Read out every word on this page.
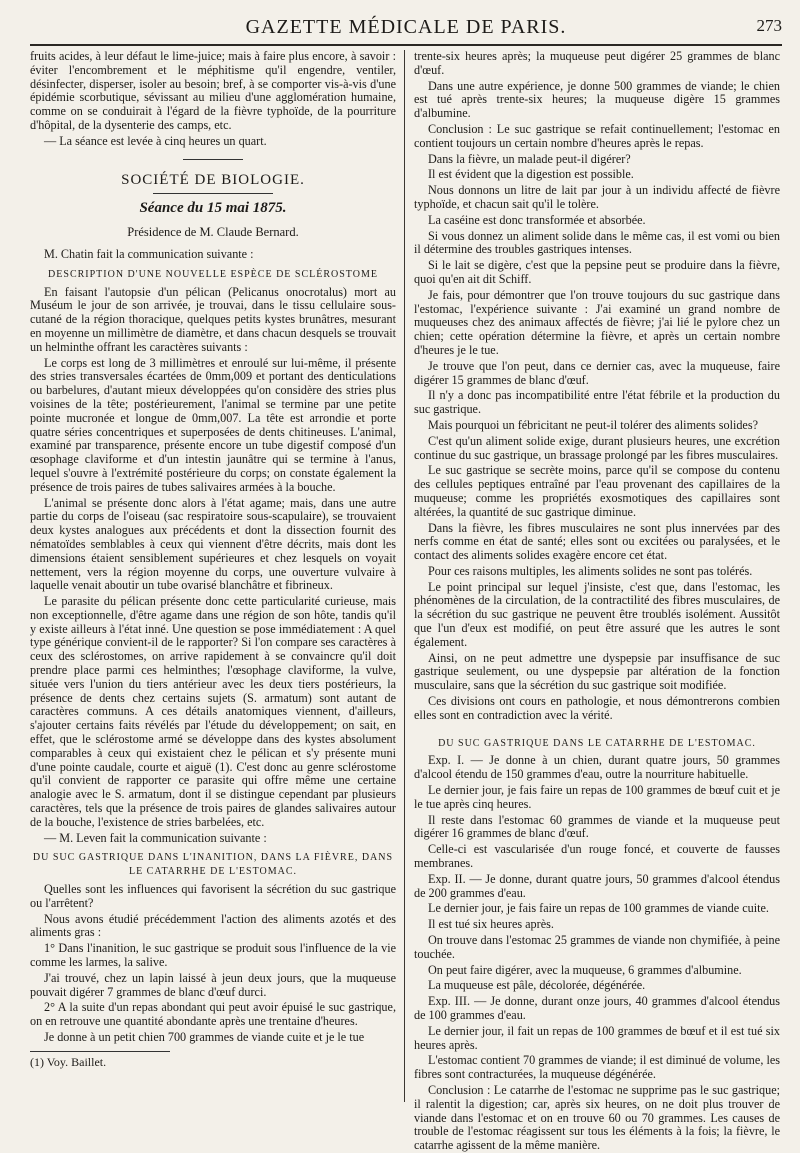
GAZETTE MÉDICALE DE PARIS.	273

fruits acides, à leur défaut le lime-juice; mais à faire plus encore, à savoir : éviter l'encombrement et le méphitisme qu'il engendre, ventiler, désinfecter, disperser, isoler au besoin; bref, à se comporter vis-à-vis d'une épidémie scorbutique, sévissant au milieu d'une agglomération humaine, comme on se conduirait à l'égard de la fièvre typhoïde, de la pourriture d'hôpital, de la dysenterie des camps, etc.

— La séance est levée à cinq heures un quart.

SOCIÉTÉ DE BIOLOGIE.
Séance du 15 mai 1875.
Présidence de M. Claude Bernard.

M. Chatin fait la communication suivante :

DESCRIPTION D'UNE NOUVELLE ESPÈCE DE SCLÉROSTOME

En faisant l'autopsie d'un pélican (Pelicanus onocrotalus) mort au Muséum le jour de son arrivée, je trouvai, dans le tissu cellulaire sous-cutané de la région thoracique, quelques petits kystes brunâtres, mesurant en moyenne un millimètre de diamètre, et dans chacun desquels se trouvait un helminthe offrant les caractères suivants :

Le corps est long de 3 millimètres et enroulé sur lui-même, il présente des stries transversales écartées de 0mm,009 et portant des denticulations ou barbelures, d'autant mieux développées qu'on considère des stries plus voisines de la tête; postérieurement, l'animal se termine par une petite pointe mucronée et longue de 0mm,007. La tête est arrondie et porte quatre séries concentriques et superposées de dents chitineuses. L'animal, examiné par transparence, présente encore un tube digestif composé d'un œsophage claviforme et d'un intestin jaunâtre qui se termine à l'anus, lequel s'ouvre à l'extrémité postérieure du corps; on constate également la présence de trois paires de tubes salivaires armées à la bouche.

L'animal se présente donc alors à l'état agame; mais, dans une autre partie du corps de l'oiseau (sac respiratoire sous-scapulaire), se trouvaient deux kystes analogues aux précédents et dont la dissection fournit des nématoïdes semblables à ceux qui viennent d'être décrits, mais dont les dimensions étaient sensiblement supérieures et chez lesquels on voyait nettement, vers la région moyenne du corps, une ouverture vulvaire à laquelle venait aboutir un tube ovarisé blanchâtre et fibrineux.

Le parasite du pélican présente donc cette particularité curieuse, mais non exceptionnelle, d'être agame dans une région de son hôte, tandis qu'il y existe ailleurs à l'état inné. Une question se pose immédiatement : A quel type générique convient-il de le rapporter? Si l'on compare ses caractères à ceux des sclérostomes, on arrive rapidement à se convaincre qu'il doit prendre place parmi ces helminthes; l'œsophage claviforme, la vulve, située vers l'union du tiers antérieur avec les deux tiers postérieurs, la présence de dents chez certains sujets (S. armatum) sont autant de caractères communs. A ces détails anatomiques viennent, d'ailleurs, s'ajouter certains faits révélés par l'étude du développement; on sait, en effet, que le sclérostome armé se développe dans des kystes absolument comparables à ceux qui existaient chez le pélican et s'y présente muni d'une pointe caudale, courte et aiguë (1). C'est donc au genre sclérostome qu'il convient de rapporter ce parasite qui offre même une certaine analogie avec le S. armatum, dont il se distingue cependant par plusieurs caractères, tels que la présence de trois paires de glandes salivaires autour de la bouche, l'existence de stries barbelées, etc.

— M. Leven fait la communication suivante :

DU SUC GASTRIQUE DANS L'INANITION, DANS LA FIÈVRE, DANS LE CATARRHE DE L'ESTOMAC.

Quelles sont les influences qui favorisent la sécrétion du suc gastrique ou l'arrêtent?

Nous avons étudié précédemment l'action des aliments azotés et des aliments gras :

1° Dans l'inanition, le suc gastrique se produit sous l'influence de la vie comme les larmes, la salive.

J'ai trouvé, chez un lapin laissé à jeun deux jours, que la muqueuse pouvait digérer 7 grammes de blanc d'œuf durci.

2° A la suite d'un repas abondant qui peut avoir épuisé le suc gastrique, on en retrouve une quantité abondante après une trentaine d'heures.

Je donne à un petit chien 700 grammes de viande cuite et je le tue

(1) Voy. Baillet.

trente-six heures après; la muqueuse peut digérer 25 grammes de blanc d'œuf.

Dans une autre expérience, je donne 500 grammes de viande; le chien est tué après trente-six heures; la muqueuse digère 15 grammes d'albumine.

Conclusion : Le suc gastrique se refait continuellement; l'estomac en contient toujours un certain nombre d'heures après le repas.

Dans la fièvre, un malade peut-il digérer?

Il est évident que la digestion est possible.

Nous donnons un litre de lait par jour à un individu affecté de fièvre typhoïde, et chacun sait qu'il le tolère.

La caséine est donc transformée et absorbée.

Si vous donnez un aliment solide dans le même cas, il est vomi ou bien il détermine des troubles gastriques intenses.

Si le lait se digère, c'est que la pepsine peut se produire dans la fièvre, quoi qu'en ait dit Schiff.

Je fais, pour démontrer que l'on trouve toujours du suc gastrique dans l'estomac, l'expérience suivante : J'ai examiné un grand nombre de muqueuses chez des animaux affectés de fièvre; j'ai lié le pylore chez un chien; cette opération détermine la fièvre, et après un certain nombre d'heures je le tue.

Je trouve que l'on peut, dans ce dernier cas, avec la muqueuse, faire digérer 15 grammes de blanc d'œuf.

Il n'y a donc pas incompatibilité entre l'état fébrile et la production du suc gastrique.

Mais pourquoi un fébricitant ne peut-il tolérer des aliments solides?

C'est qu'un aliment solide exige, durant plusieurs heures, une excrétion continue du suc gastrique, un brassage prolongé par les fibres musculaires.

Le suc gastrique se secrète moins, parce qu'il se compose du contenu des cellules peptiques entraîné par l'eau provenant des capillaires de la muqueuse; comme les propriétés exosmotiques des capillaires sont altérées, la quantité de suc gastrique diminue.

Dans la fièvre, les fibres musculaires ne sont plus innervées par des nerfs comme en état de santé; elles sont ou excitées ou paralysées, et le contact des aliments solides exagère encore cet état.

Pour ces raisons multiples, les aliments solides ne sont pas tolérés.

Le point principal sur lequel j'insiste, c'est que, dans l'estomac, les phénomènes de la circulation, de la contractilité des fibres musculaires, de la sécrétion du suc gastrique ne peuvent être troublés isolément. Aussitôt que l'un d'eux est modifié, on peut être assuré que les autres le sont également.

Ainsi, on ne peut admettre une dyspepsie par insuffisance de suc gastrique seulement, ou une dyspepsie par altération de la fonction musculaire, sans que la sécrétion du suc gastrique soit modifiée.

Ces divisions ont cours en pathologie, et nous démontrerons combien elles sont en contradiction avec la vérité.

DU SUC GASTRIQUE DANS LE CATARRHE DE L'ESTOMAC.

Exp. I. — Je donne à un chien, durant quatre jours, 50 grammes d'alcool étendu de 150 grammes d'eau, outre la nourriture habituelle.

Le dernier jour, je fais faire un repas de 100 grammes de bœuf cuit et je le tue après cinq heures.

Il reste dans l'estomac 60 grammes de viande et la muqueuse peut digérer 16 grammes de blanc d'œuf.

Celle-ci est vascularisée d'un rouge foncé, et couverte de fausses membranes.

Exp. II. — Je donne, durant quatre jours, 50 grammes d'alcool étendus de 200 grammes d'eau.

Le dernier jour, je fais faire un repas de 100 grammes de viande cuite.

Il est tué six heures après.

On trouve dans l'estomac 25 grammes de viande non chymifiée, à peine touchée.

On peut faire digérer, avec la muqueuse, 6 grammes d'albumine.

La muqueuse est pâle, décolorée, dégénérée.

Exp. III. — Je donne, durant onze jours, 40 grammes d'alcool étendus de 100 grammes d'eau.

Le dernier jour, il fait un repas de 100 grammes de bœuf et il est tué six heures après.

L'estomac contient 70 grammes de viande; il est diminué de volume, les fibres sont contracturées, la muqueuse dégénérée.

Conclusion : Le catarrhe de l'estomac ne supprime pas le suc gastrique; il ralentit la digestion; car, après six heures, on ne doit plus trouver de viande dans l'estomac et on en trouve 60 ou 70 grammes. Les causes de trouble de l'estomac réagissent sur tous les éléments à la fois; la fièvre, le catarrhe agissent de la même manière.
